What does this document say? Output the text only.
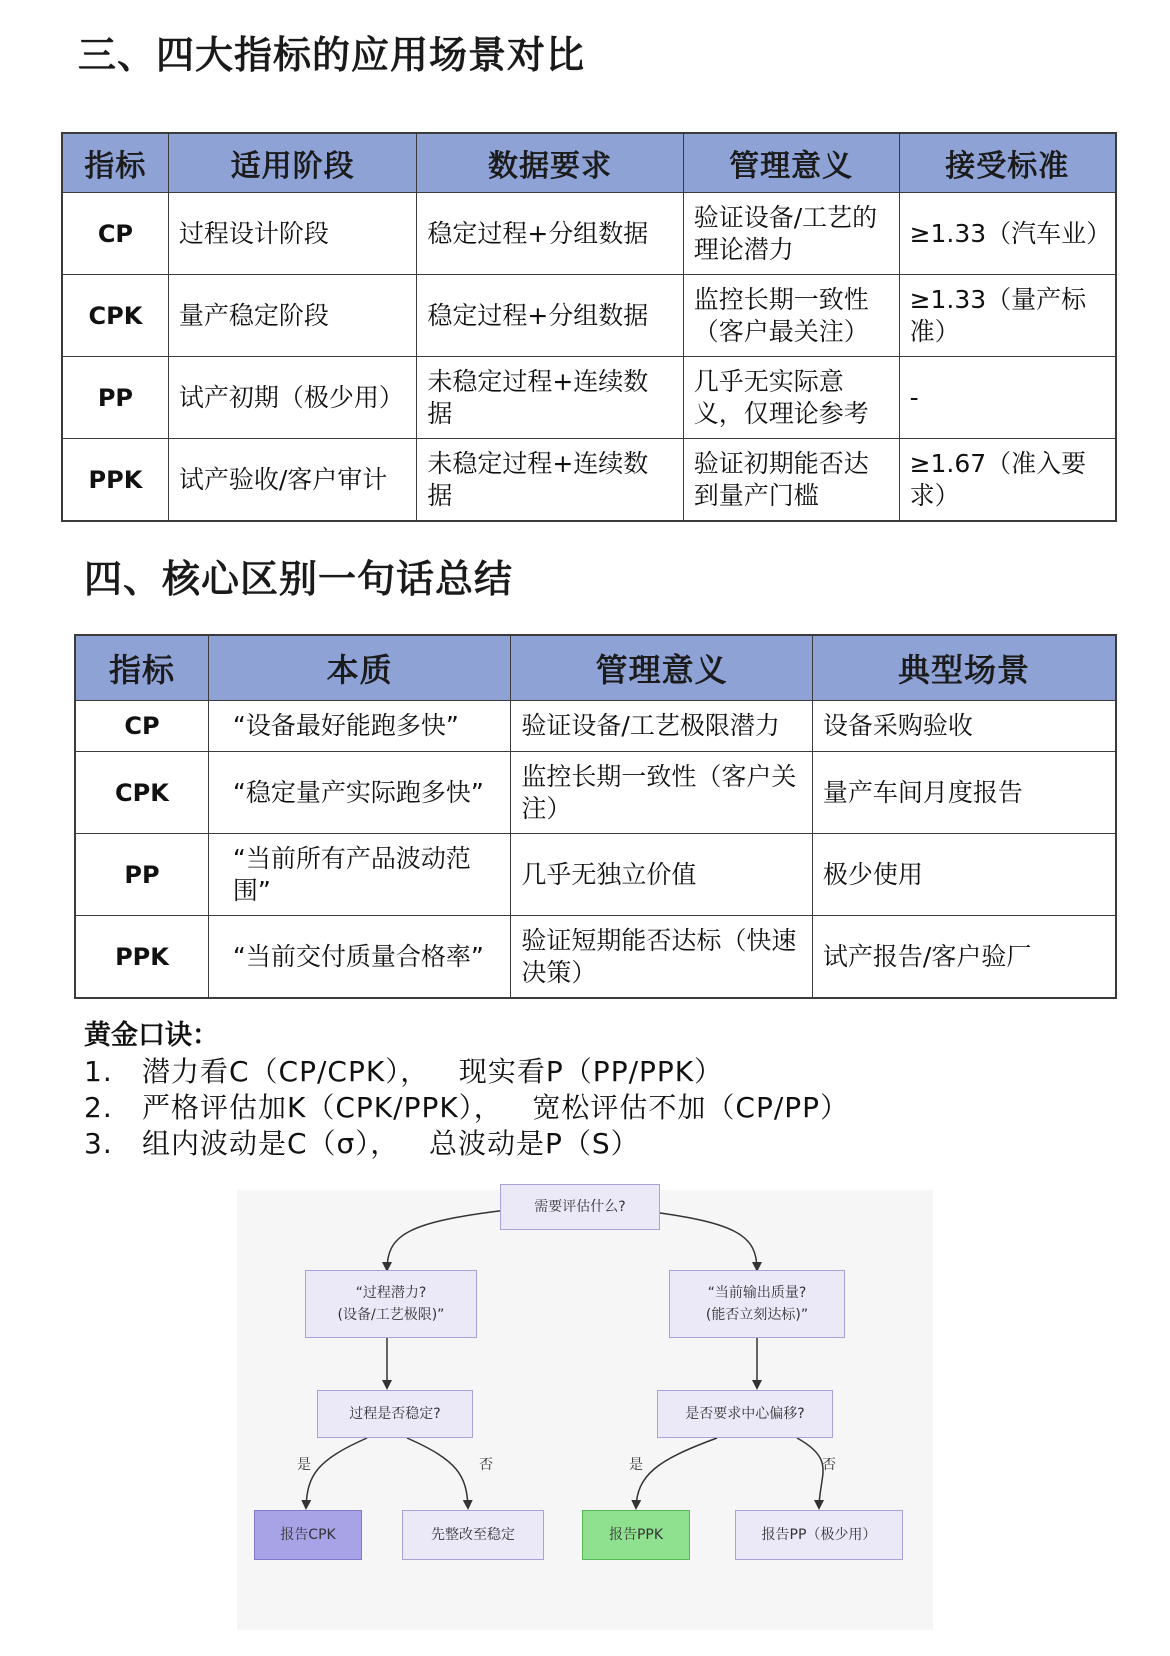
三、四大指标的应用场景对比
指标	适用阶段	数据要求	管理意义	接受标准
CP	过程设计阶段	稳定过程+分组数据	验证设备/工艺的理论潜力	≥1.33（汽车业）
CPK	量产稳定阶段	稳定过程+分组数据	监控长期一致性（客户最关注）	≥1.33（量产标准）
PP	试产初期（极少用）	未稳定过程+连续数据	几乎无实际意义，仅理论参考	-
PPK	试产验收/客户审计	未稳定过程+连续数据	验证初期能否达到量产门槛	≥1.67（准入要求）
四、核心区别一句话总结
指标	本质	管理意义	典型场景
CP	“设备最好能跑多快”	验证设备/工艺极限潜力	设备采购验收
CPK	“稳定量产实际跑多快”	监控长期一致性（客户关注）	量产车间月度报告
PP	“当前所有产品波动范围”	几乎无独立价值	极少使用
PPK	“当前交付质量合格率”	验证短期能否达标（快速决策）	试产报告/客户验厂

黄金口诀：

1. 潜力看C（CP/CPK），   现实看P（PP/PPK）
2. 严格评估加K（CPK/PPK），   宽松评估不加（CP/PP）
3. 组内波动是C（σ），   总波动是P（S）
需要评估什么?
“过程潜力?
(设备/工艺极限)”
“当前输出质量?
(能否立刻达标)”
过程是否稳定?	是否要求中心偏移?
是	否	是	否
报告CPK	先整改至稳定	报告PPK	报告PP（极少用）
